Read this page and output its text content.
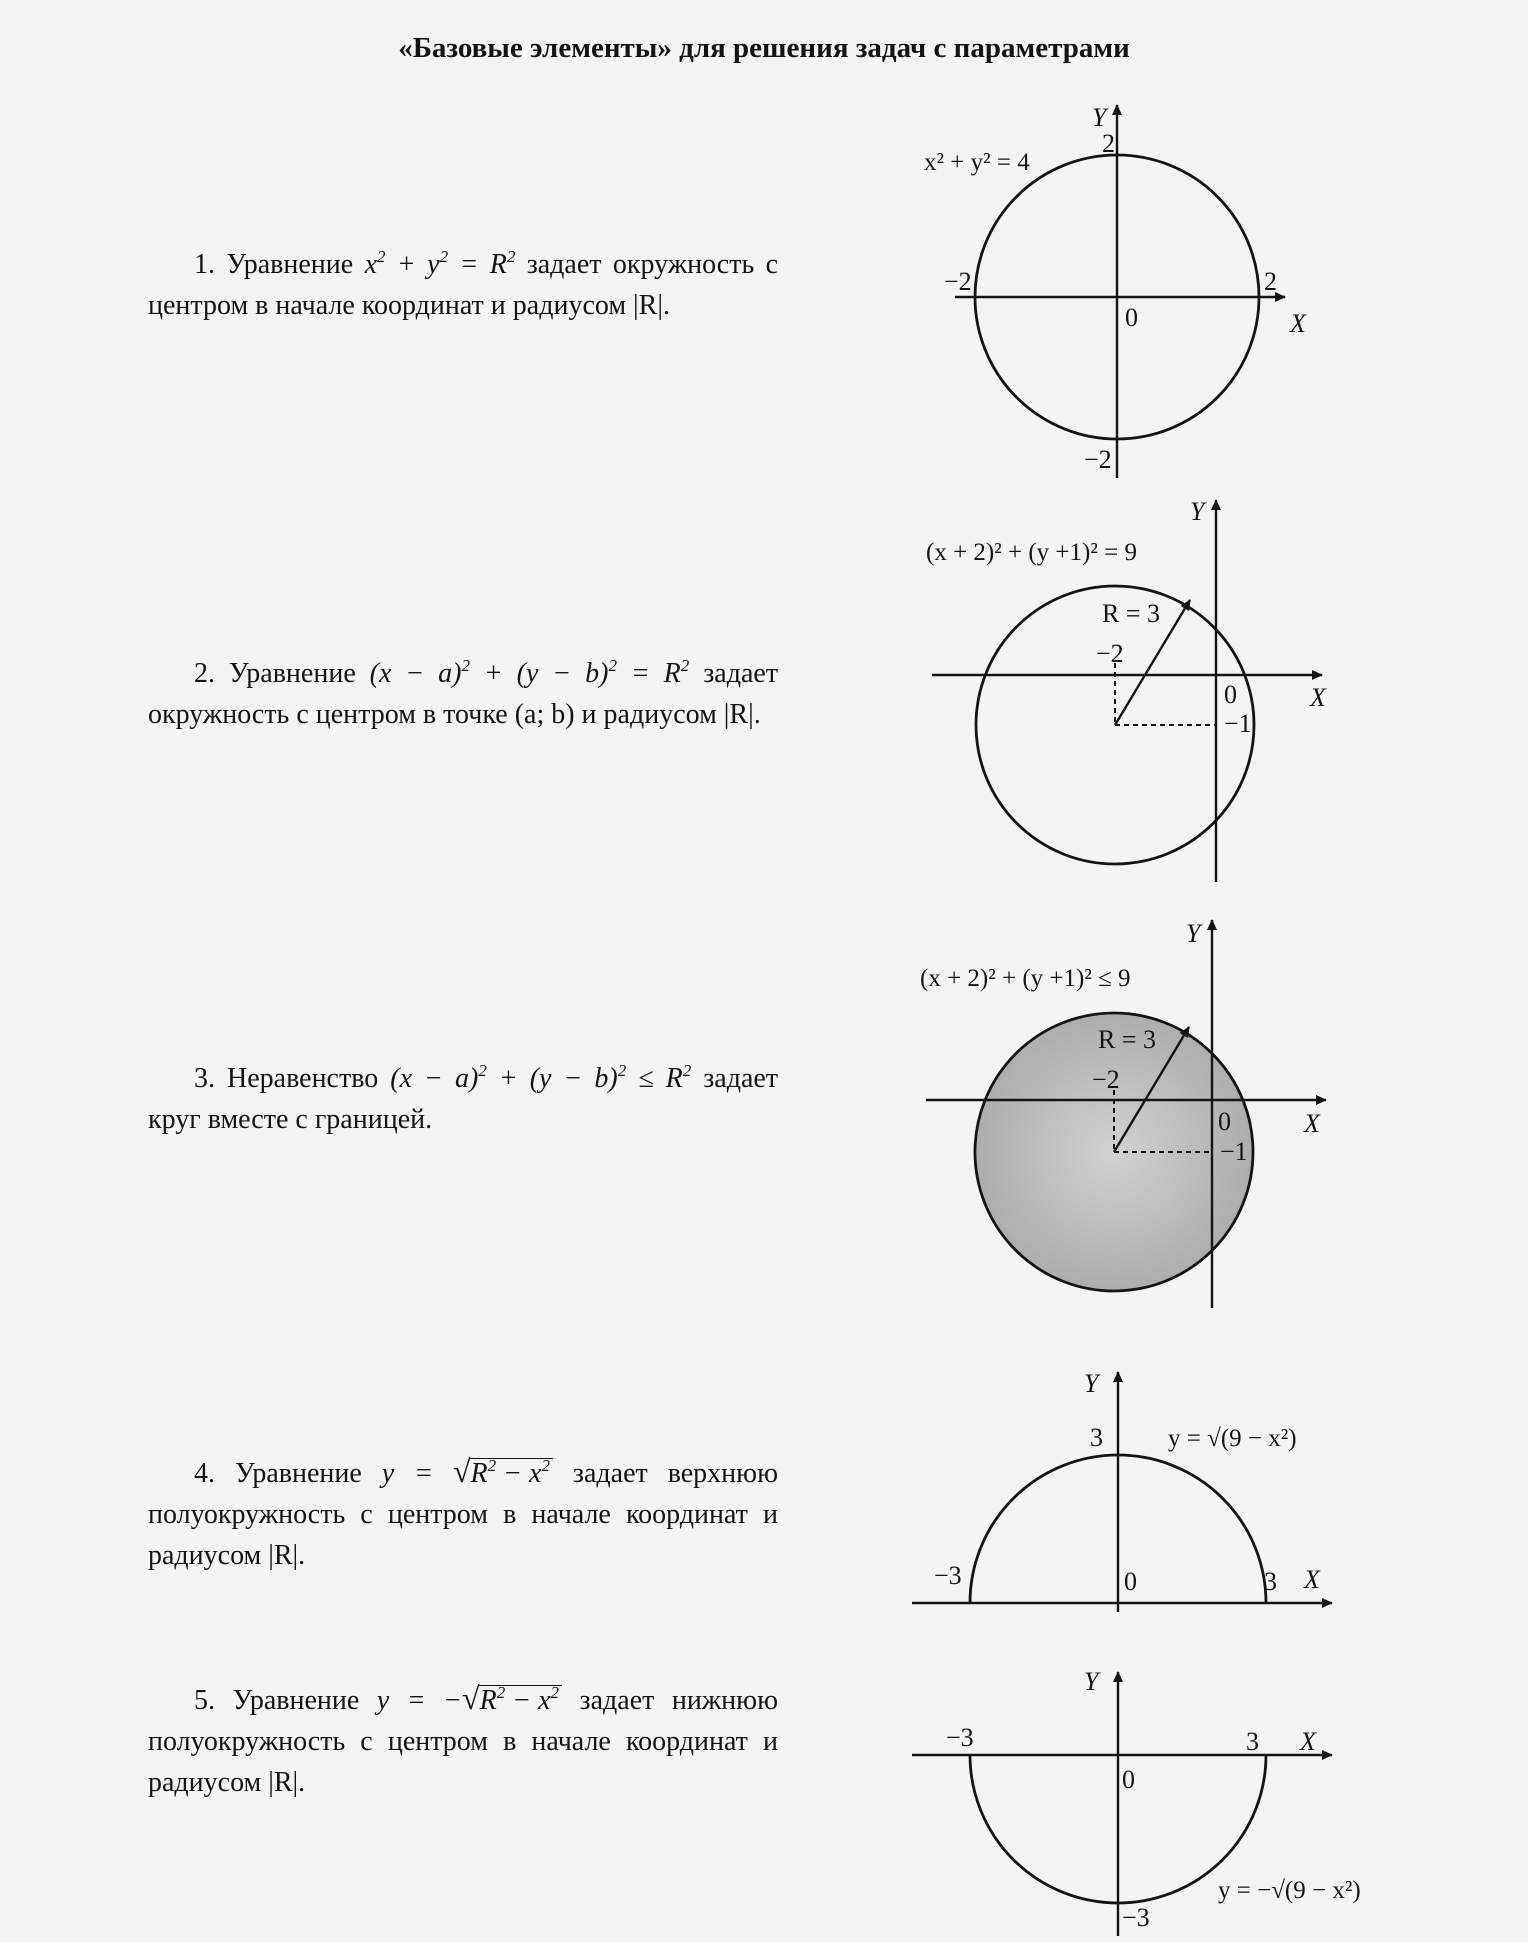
«Базовые элементы» для решения задач с параметрами
1. Уравнение $x^2 + y^2 = R^2$ задает окружность с центром в начале координат и радиусом |R|.
2. Уравнение $(x - a)^2 + (y - b)^2 = R^2$ задает окружность с центром в точке (a; b) и радиусом |R|.
3. Неравенство $(x - a)^2 + (y - b)^2 \le R^2$ задает круг вместе с границей.
4. Уравнение $y = √R^2 - x^2$ задает верхнюю полуокружность с центром в начале координат и радиусом |R|.
5. Уравнение $y = -√R^2 - x^2$ задает нижнюю полуокружность с центром в начале координат и радиусом |R|.
x² + y² = 4
Y
X
2
−2	2
0
−2
(x + 2)² + (y +1)² = 9
R = 3
Y
X
−2
0
−1
(x + 2)² + (y +1)² ≤ 9
R = 3
Y
X
−2
0
−1
Y
X
y = √(9 − x²)
3
−3	0	3
Y
X
y = −√(9 − x²)
−3	3
0
−3
